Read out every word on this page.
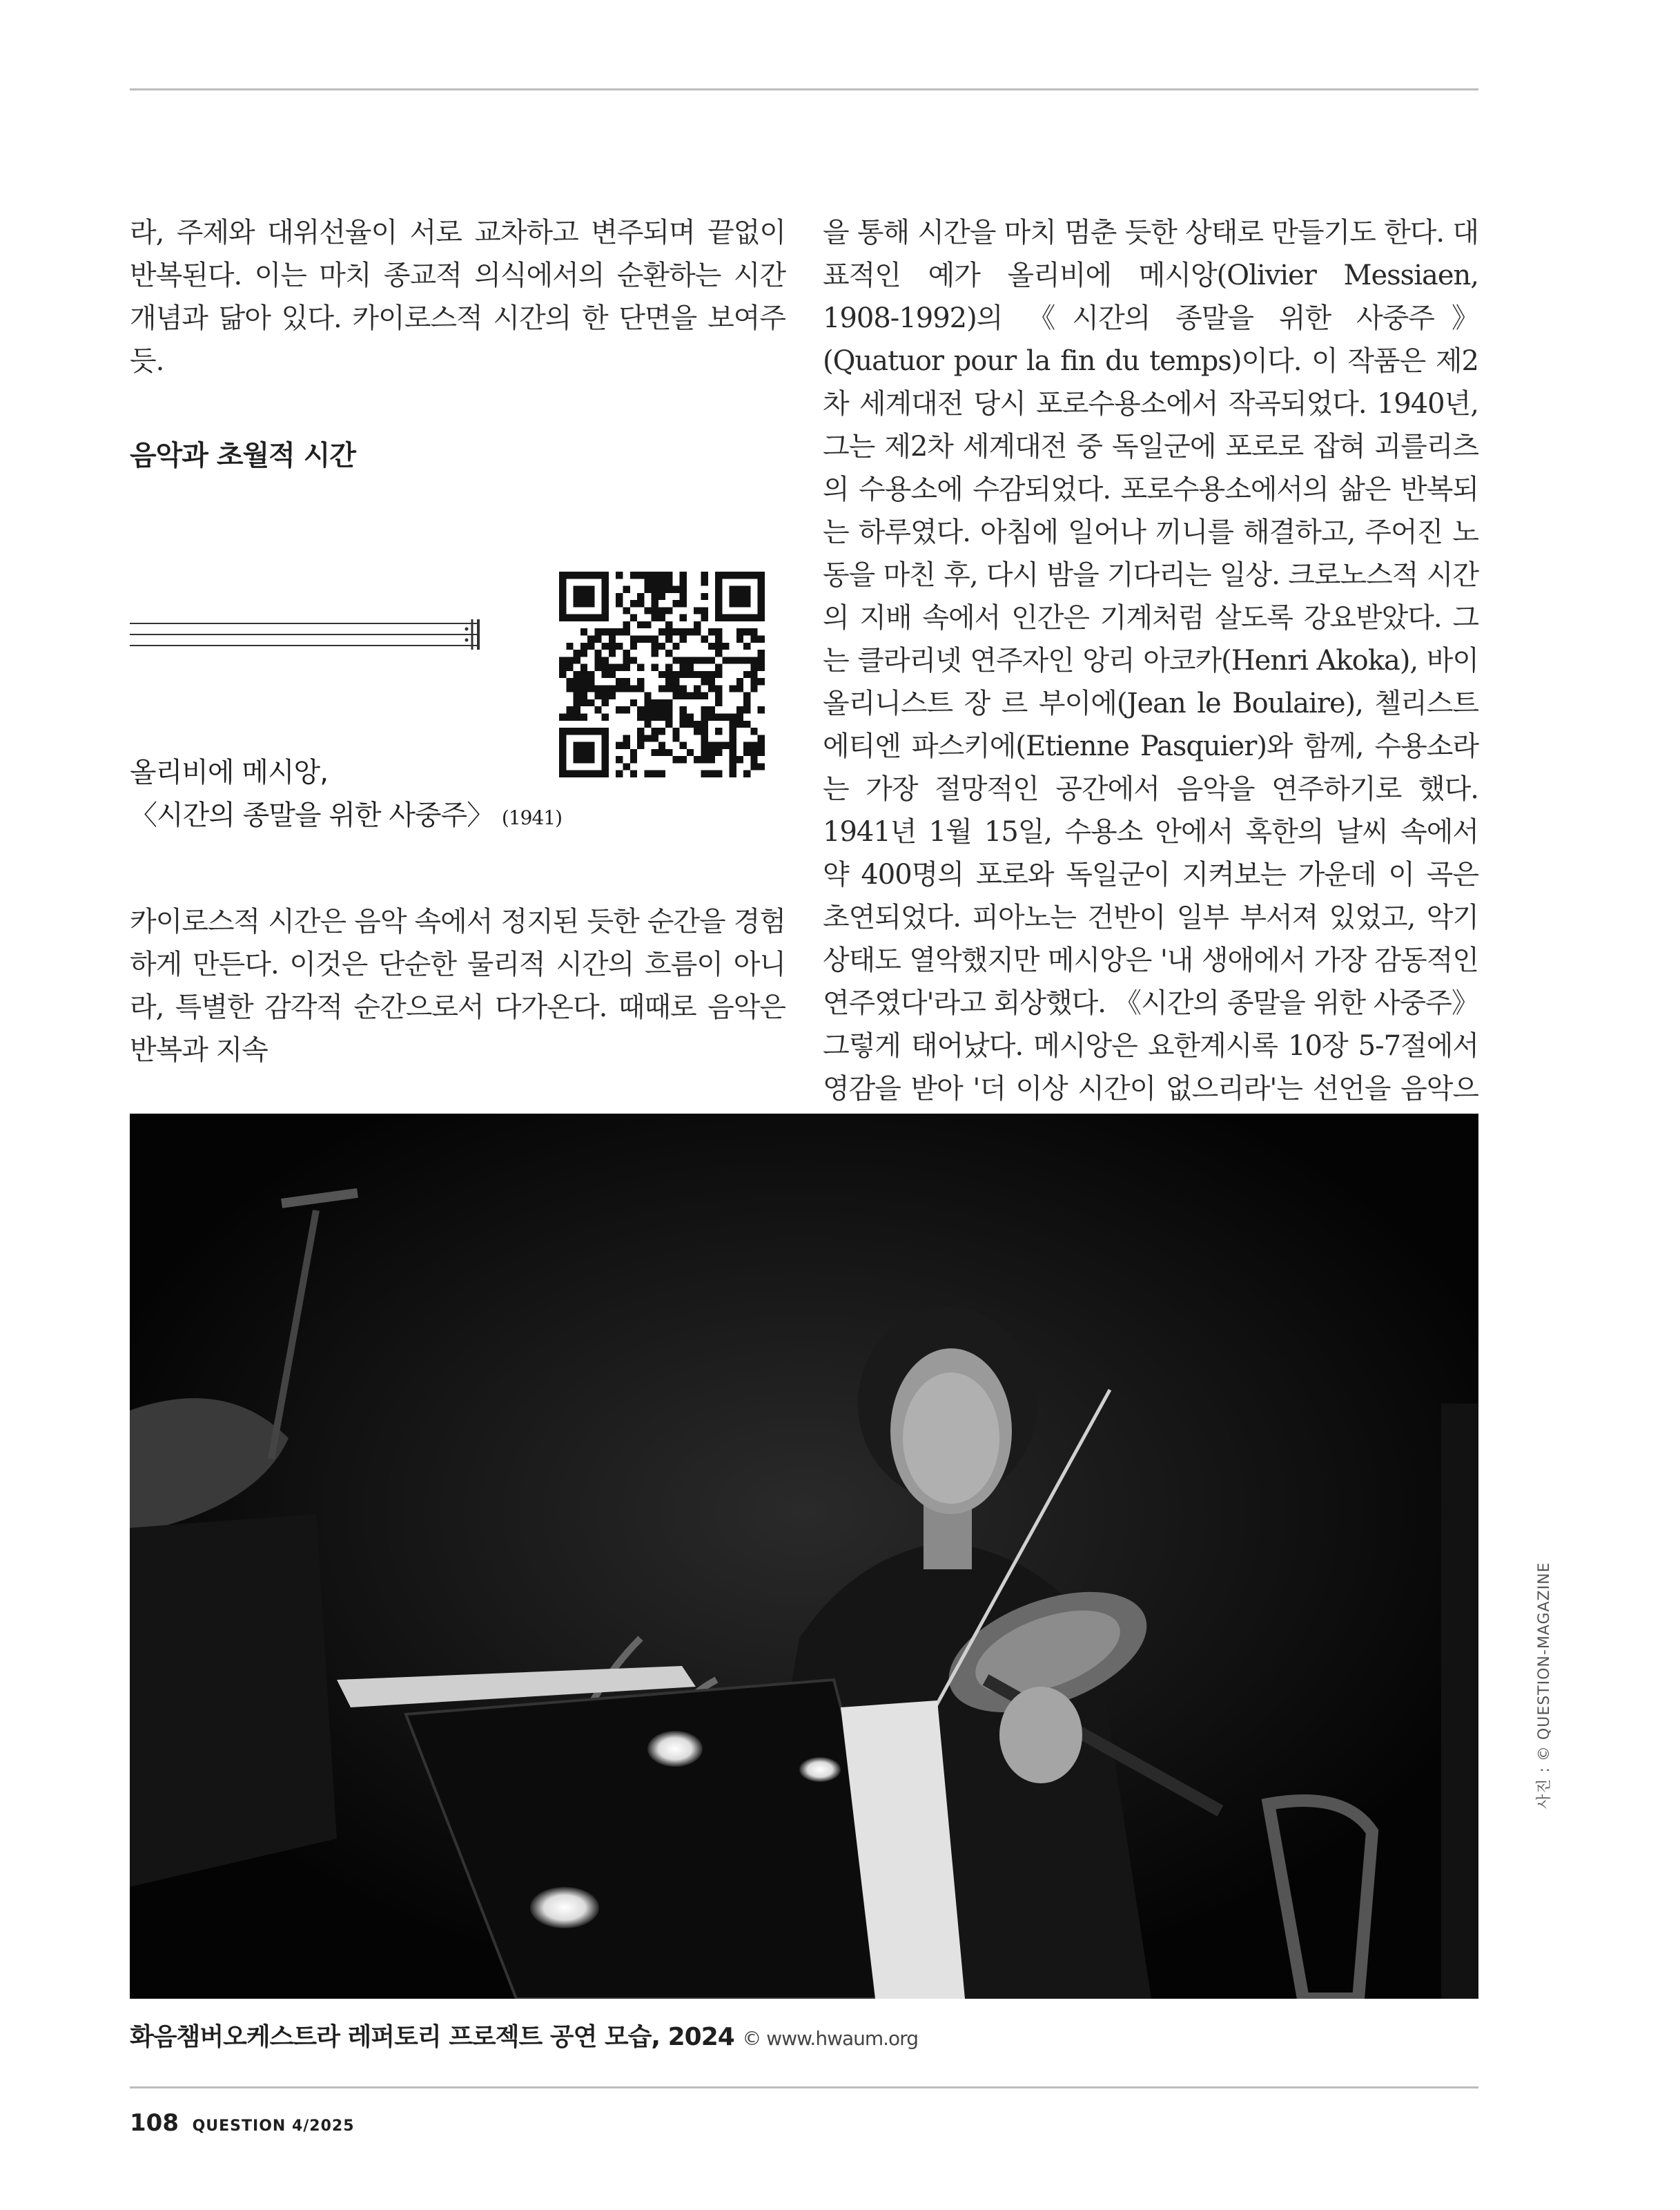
라, 주제와 대위선율이 서로 교차하고 변주되며 끝없이 반복된다. 이는 마치 종교적 의식에서의 순환하는 시간 개념과 닮아 있다. 카이로스적 시간의 한 단면을 보여주듯.

음악과 초월적 시간
올리비에 메시앙,
〈시간의 종말을 위한 사중주〉 (1941)

카이로스적 시간은 음악 속에서 정지된 듯한 순간을 경험하게 만든다. 이것은 단순한 물리적 시간의 흐름이 아니라, 특별한 감각적 순간으로서 다가온다. 때때로 음악은 반복과 지속

을 통해 시간을 마치 멈춘 듯한 상태로 만들기도 한다. 대표적인 예가 올리비에 메시앙(Olivier Messiaen, 1908-1992)의 《시간의 종말을 위한 사중주》(Quatuor pour la fin du temps)이다. 이 작품은 제2차 세계대전 당시 포로수용소에서 작곡되었다. 1940년, 그는 제2차 세계대전 중 독일군에 포로로 잡혀 괴를리츠의 수용소에 수감되었다. 포로수용소에서의 삶은 반복되는 하루였다. 아침에 일어나 끼니를 해결하고, 주어진 노동을 마친 후, 다시 밤을 기다리는 일상. 크로노스적 시간의 지배 속에서 인간은 기계처럼 살도록 강요받았다. 그는 클라리넷 연주자인 앙리 아코카(Henri Akoka), 바이올리니스트 장 르 부이에(Jean le Boulaire), 첼리스트 에티엔 파스키에(Etienne Pasquier)와 함께, 수용소라는 가장 절망적인 공간에서 음악을 연주하기로 했다. 1941년 1월 15일, 수용소 안에서 혹한의 날씨 속에서 약 400명의 포로와 독일군이 지켜보는 가운데 이 곡은 초연되었다. 피아노는 건반이 일부 부서져 있었고, 악기 상태도 열악했지만 메시앙은 '내 생애에서 가장 감동적인 연주였다'라고 회상했다. 《시간의 종말을 위한 사중주》 그렇게 태어났다. 메시앙은 요한계시록 10장 5-7절에서 영감을 받아 '더 이상 시간이 없으리라'는 선언을 음악으

화음챔버오케스트라 레퍼토리 프로젝트 공연 모습, 2024 © www.hwaum.org
사진 : © QUESTION-MAGAZINE
108 QUESTION 4/2025
